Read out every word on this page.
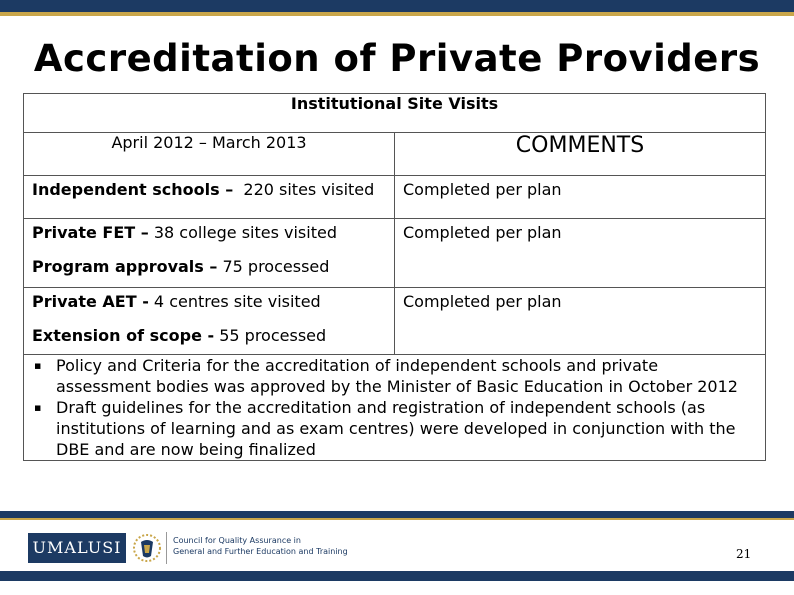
Accreditation of Private Providers
Institutional Site Visits	
April 2012 – March 2013	COMMENTS

Independent schools –  220 sites visited	Completed per plan

Private FET – 38 college sites visited
Program approvals – 75 processed	Completed per plan

Private AET - 4 centres site visited
Extension of scope - 55 processed	Completed per plan

▪ Policy and Criteria for the accreditation of independent schools and private assessment bodies was approved by the Minister of Basic Education in October 2012
▪ Draft guidelines for the accreditation and registration of independent schools (as institutions of learning and as exam centres) were developed in conjunction with the DBE and are now being finalized	
UMALUSI	Council for Quality Assurance in
General and Further Education and Training	21
